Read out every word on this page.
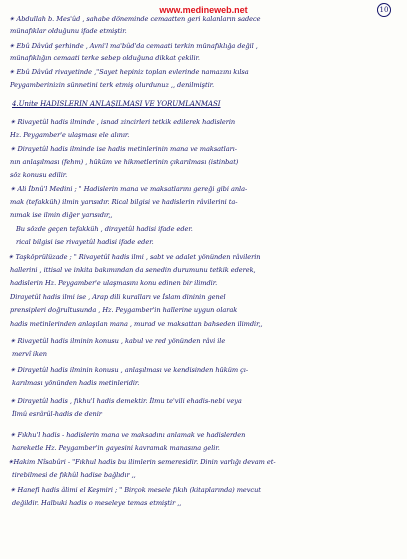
www.medineweb.net	10
✴ Abdullah b. Mes'ûd , sahabe döneminde cemaatten geri kalanların sadece
münafıklar olduğunu ifade etmiştir.
✴ Ebû Dâvûd şerhinde , Avni'l ma'bûd'da cemaati terkin münafıklığa değil ,
münafıklığın cemaati terke sebep olduğuna dikkat çekilir.
✴ Ebû Dâvûd rivayetinde ,"Sayet hepiniz toplan evlerinde namazını kılsa
Peygamberinizin sünnetini terk etmiş olurdunuz ,, denilmiştir.
4.Ünite HADİSLERİN ANLAŞILMASI VE YORUMLANMASI
✴ Rivayetûl hadis ilminde , isnad zincirleri tetkik edilerek hadislerin
Hz. Peygamber'e ulaşması ele alınır.
✴ Dirayetûl hadis ilminde ise hadis metinlerinin mana ve maksatları-
nın anlaşılması (fehm) , hüküm ve hikmetlerinin çıkarılması (istinbat)
söz konusu edilir.
✴ Ali İbnû'l Medini ; " Hadislerin mana ve maksatlarını gereği gibi anla-
mak (tefakküh) ilmin yarısıdır. Rical bilgisi ve hadislerin râvilerini ta-
nımak ise ilmin diğer yarısıdır,,
Bu sözde geçen tefakküh , dirayetûl hadisi ifade eder.
rical bilgisi ise rivayetûl hadisi ifade eder.
✴ Taşköprülüzade ; " Rivayetûl hadis ilmi , sabt ve adalet yönünden râvilerin
hallerini , ittisal ve inkita bakımından da senedin durumunu tetkik ederek,
hadislerin Hz. Peygamber'e ulaşmasını konu edinen bir ilimdir.
Dirayetûl hadis ilmi ise , Arap dili kuralları ve İslam dininin genel
prensipleri doğrultusunda , Hz. Peygamber'in hallerine uygun olarak
hadis metinlerinden anlaşılan mana , murad ve maksattan bahseden ilimdir,,
✴ Rivayetûl hadis ilminin konusu , kabul ve red yönünden râvi ile
mervî iken
✴ Dirayetûl hadis ilminin konusu , anlaşılması ve kendisinden hüküm çı-
karılması yönünden hadis metinleridir.
✴ Dirayetûl hadis , fıkhu'l hadis demektir. İlmu te'vili ehadis-nebi veya
İlmû esrârûl-hadis de denir
✴ Fıkhu'l hadis - hadislerin mana ve maksadını anlamak ve hadislerden
hareketle Hz. Peygamber'in gayesini kavramak manasına gelir.
✴Hakim Nîsabûri - "Fıkhul hadis bu ilimlerin semeresidir. Dinin varlığı devam et-
tirebilmesi de fıkhûl hadise bağlıdır ,,
✴ Hanefi hadis âlimi el Keşmiri ; " Birçok mesele fıkıh (kitaplarında) mevcut
değildir. Halbuki hadis o meseleye temas etmiştir ,,
